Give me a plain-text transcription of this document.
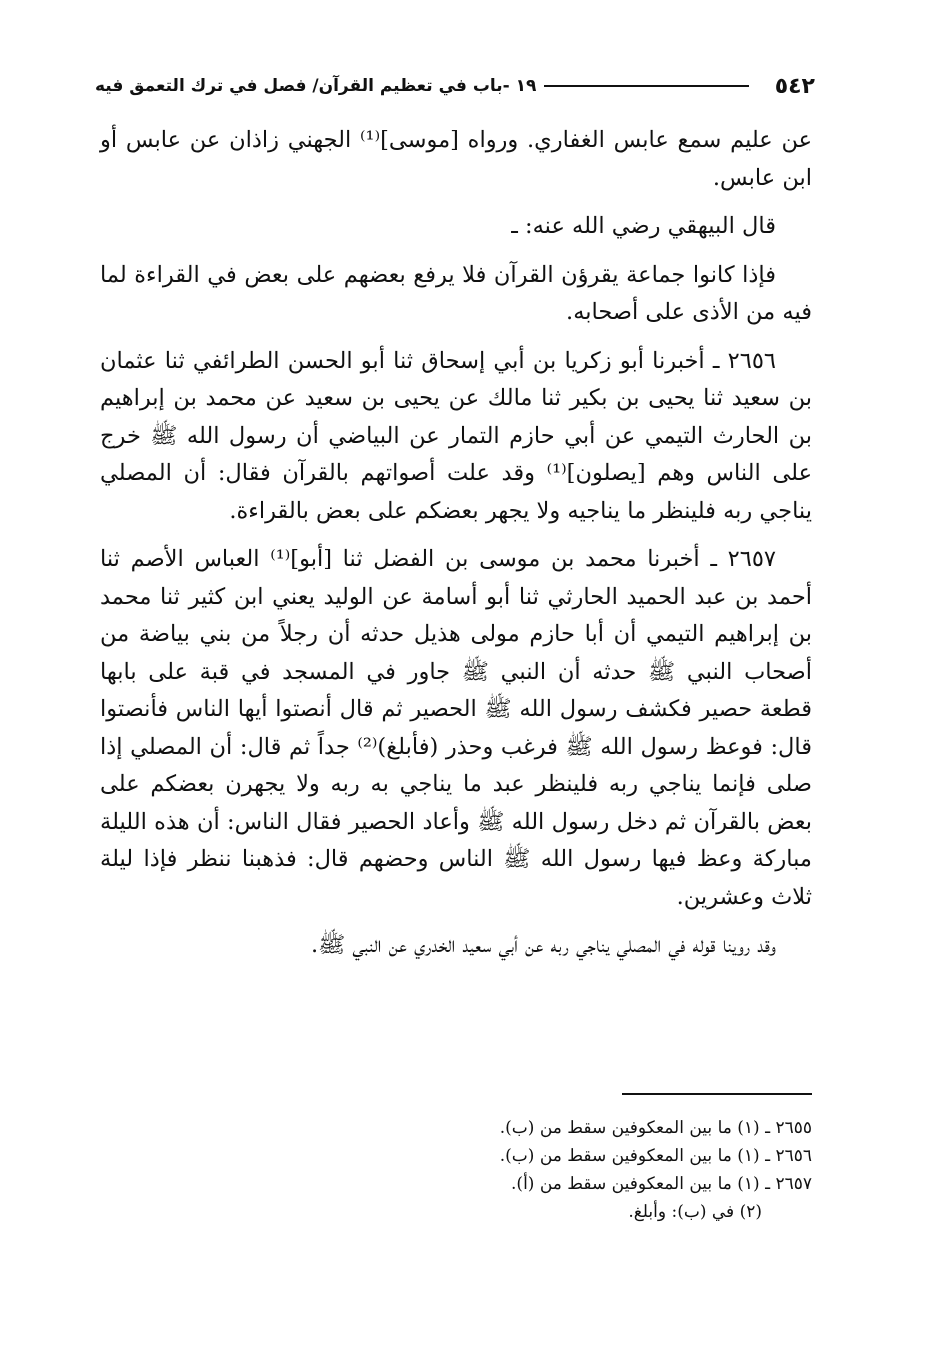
٥٤٢
١٩ -باب في تعظيم القرآن/ فصل في ترك التعمق فيه

عن عليم سمع عابس الغفاري. ورواه [موسى]⁽¹⁾ الجهني زاذان عن عابس أو ابن عابس.

قال البيهقي رضي الله عنه: ـ

فإذا كانوا جماعة يقرؤن القرآن فلا يرفع بعضهم على بعض في القراءة لما فيه من الأذى على أصحابه.

٢٦٥٦ ـ أخبرنا أبو زكريا بن أبي إسحاق ثنا أبو الحسن الطرائفي ثنا عثمان بن سعيد ثنا يحيى بن بكير ثنا مالك عن يحيى بن سعيد عن محمد بن إبراهيم بن الحارث التيمي عن أبي حازم التمار عن البياضي أن رسول الله ﷺ خرج على الناس وهم [يصلون]⁽¹⁾ وقد علت أصواتهم بالقرآن فقال: أن المصلي يناجي ربه فلينظر ما يناجيه ولا يجهر بعضكم على بعض بالقراءة.

٢٦٥٧ ـ أخبرنا محمد بن موسى بن الفضل ثنا [أبو]⁽¹⁾ العباس الأصم ثنا أحمد بن عبد الحميد الحارثي ثنا أبو أسامة عن الوليد يعني ابن كثير ثنا محمد بن إبراهيم التيمي أن أبا حازم مولى هذيل حدثه أن رجلاً من بني بياضة من أصحاب النبي ﷺ حدثه أن النبي ﷺ جاور في المسجد في قبة على بابها قطعة حصير فكشف رسول الله ﷺ الحصير ثم قال أنصتوا أيها الناس فأنصتوا قال: فوعظ رسول الله ﷺ فرغب وحذر (فأبلغ)⁽²⁾ جداً ثم قال: أن المصلي إذا صلى فإنما يناجي ربه فلينظر عبد ما يناجي به ربه ولا يجهرن بعضكم على بعض بالقرآن ثم دخل رسول الله ﷺ وأعاد الحصير فقال الناس: أن هذه الليلة مباركة وعظ فيها رسول الله ﷺ الناس وحضهم قال: فذهبنا ننظر فإذا ليلة ثلاث وعشرين.

وقد روينا قوله في المصلي يناجي ربه عن أبي سعيد الخدري عن النبي ﷺ.

٢٦٥٥ ـ (١) ما بين المعكوفين سقط من (ب).

٢٦٥٦ ـ (١) ما بين المعكوفين سقط من (ب).

٢٦٥٧ ـ (١) ما بين المعكوفين سقط من (أ).

(٢) في (ب): وأبلغ.
